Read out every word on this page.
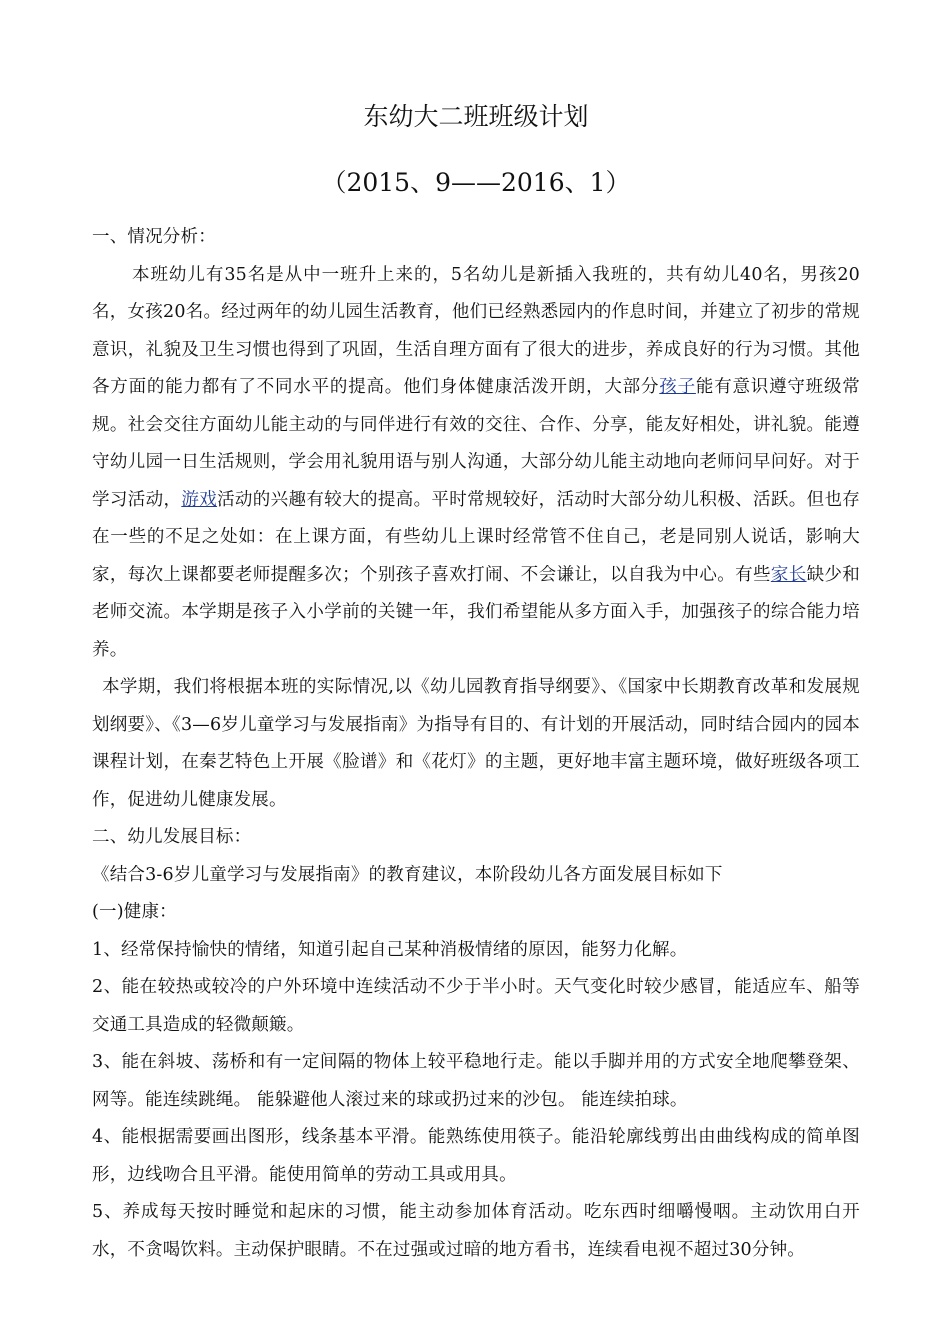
东幼大二班班级计划
（2015、9——2016、1）

一、情况分析：

本班幼儿有35名是从中一班升上来的，5名幼儿是新插入我班的，共有幼儿40名，男孩20名，女孩20名。经过两年的幼儿园生活教育，他们已经熟悉园内的作息时间，并建立了初步的常规意识，礼貌及卫生习惯也得到了巩固，生活自理方面有了很大的进步，养成良好的行为习惯。其他各方面的能力都有了不同水平的提高。他们身体健康活泼开朗，大部分孩子能有意识遵守班级常规。社会交往方面幼儿能主动的与同伴进行有效的交往、合作、分享，能友好相处，讲礼貌。能遵守幼儿园一日生活规则，学会用礼貌用语与别人沟通，大部分幼儿能主动地向老师问早问好。对于学习活动，游戏活动的兴趣有较大的提高。平时常规较好，活动时大部分幼儿积极、活跃。但也存在一些的不足之处如：在上课方面，有些幼儿上课时经常管不住自己，老是同别人说话，影响大家，每次上课都要老师提醒多次；个别孩子喜欢打闹、不会谦让，以自我为中心。有些家长缺少和老师交流。本学期是孩子入小学前的关键一年，我们希望能从多方面入手，加强孩子的综合能力培养。

本学期，我们将根据本班的实际情况,以《幼儿园教育指导纲要》、《国家中长期教育改革和发展规划纲要》、《3—6岁儿童学习与发展指南》为指导有目的、有计划的开展活动，同时结合园内的园本课程计划，在秦艺特色上开展《脸谱》和《花灯》的主题，更好地丰富主题环境，做好班级各项工作，促进幼儿健康发展。

二、幼儿发展目标：

《结合3-6岁儿童学习与发展指南》的教育建议，本阶段幼儿各方面发展目标如下

(一)健康：

1、经常保持愉快的情绪，知道引起自己某种消极情绪的原因，能努力化解。

2、能在较热或较冷的户外环境中连续活动不少于半小时。天气变化时较少感冒，能适应车、船等交通工具造成的轻微颠簸。

3、能在斜坡、荡桥和有一定间隔的物体上较平稳地行走。能以手脚并用的方式安全地爬攀登架、网等。能连续跳绳。 能躲避他人滚过来的球或扔过来的沙包。 能连续拍球。

4、能根据需要画出图形，线条基本平滑。能熟练使用筷子。能沿轮廓线剪出由曲线构成的简单图形，边线吻合且平滑。能使用简单的劳动工具或用具。

5、养成每天按时睡觉和起床的习惯，能主动参加体育活动。吃东西时细嚼慢咽。主动饮用白开水，不贪喝饮料。主动保护眼睛。不在过强或过暗的地方看书，连续看电视不超过30分钟。
